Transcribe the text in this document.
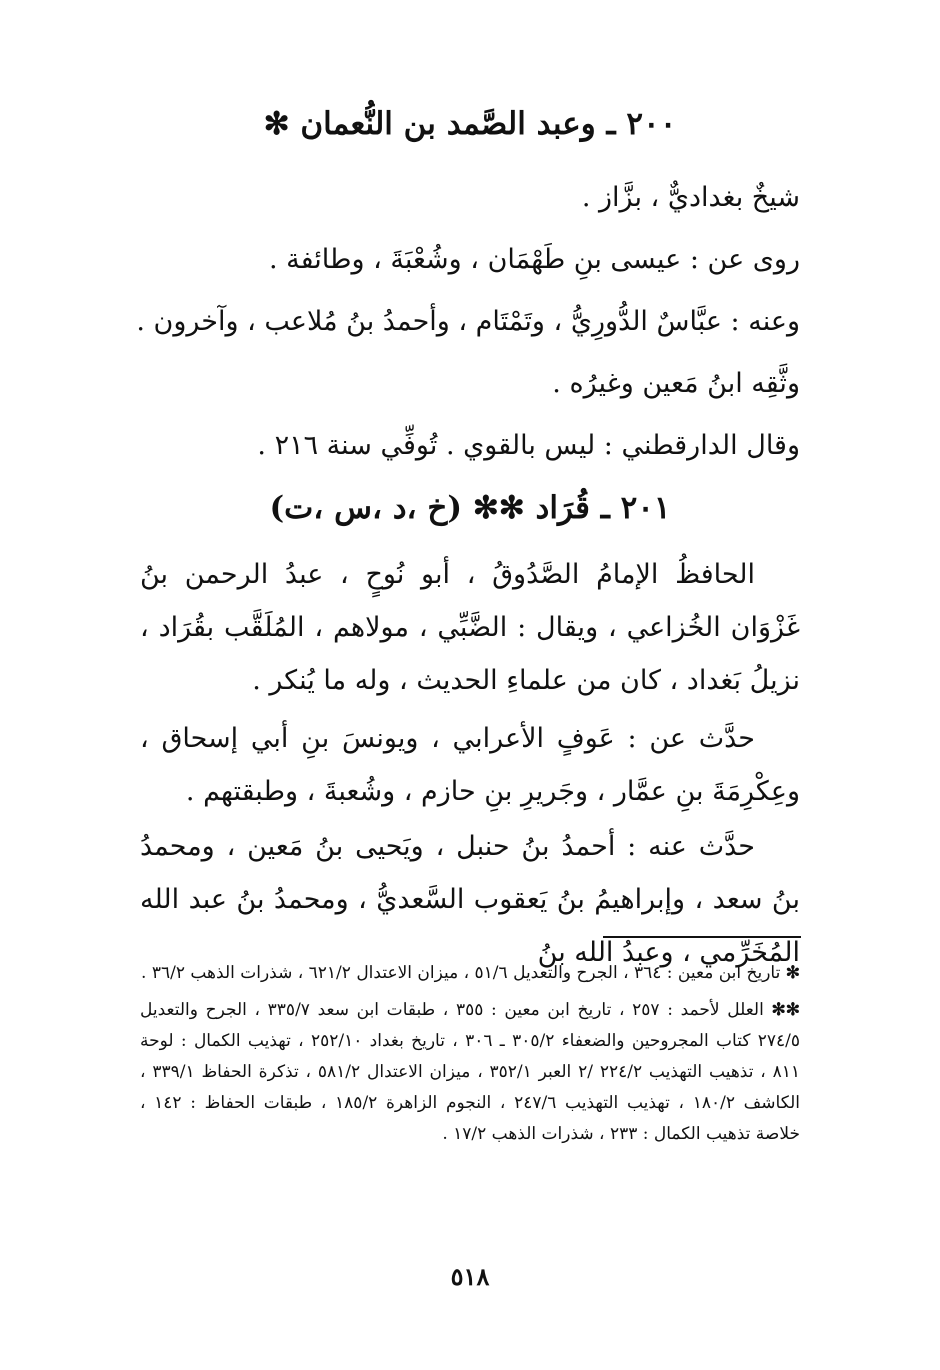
٢٠٠ ـ وعبد الصَّمد بن النُّعمان ✻
شيخٌ بغداديٌّ ، بزَّاز .
روى عن : عيسى بنِ طَهْمَان ، وشُعْبَةَ ، وطائفة .
وعنه : عبَّاسٌ الدُّورِيُّ ، وتَمْتَام ، وأحمدُ بنُ مُلاعب ، وآخرون .
وثَّقِه ابنُ مَعين وغيرُه .
وقال الدارقطني : ليس بالقوي . تُوفِّي سنة ٢١٦ .
٢٠١ ـ قُرَاد ✻✻ (خ ،د ،س ،ت)
الحافظُ الإمامُ الصَّدُوقُ ، أبو نُوحٍ ، عبدُ الرحمن بنُ غَزْوَان الخُزاعي ، ويقال : الضَّبِّي ، مولاهم ، المُلَقَّب بقُرَاد ، نزيلُ بَغداد ، كان من علماءِ الحديث ، وله ما يُنكر .
حدَّث عن : عَوفٍ الأعرابي ، ويونسَ بنِ أبي إسحاق ، وعِكْرِمَةَ بنِ عمَّار ، وجَريرِ بنِ حازم ، وشُعبةَ ، وطبقتهم .
حدَّث عنه : أحمدُ بنُ حنبل ، ويَحيى بنُ مَعين ، ومحمدُ بنُ سعد ، وإبراهيمُ بنُ يَعقوب السَّعديُّ ، ومحمدُ بنُ عبد الله المُخَرِّمي ، وعبدُ الله بنُ

✻ تاريخ ابن معين : ٣٦٤ ، الجرح والتعديل ٥١/٦ ، ميزان الاعتدال ٦٢١/٢ ، شذرات الذهب ٣٦/٢ .

✻✻ العلل لأحمد : ٢٥٧ ، تاريخ ابن معين : ٣٥٥ ، طبقات ابن سعد ٣٣٥/٧ ، الجرح والتعديل ٢٧٤/٥ كتاب المجروحين والضعفاء ٣٠٥/٢ ـ ٣٠٦ ، تاريخ بغداد ٢٥٢/١٠ ، تهذيب الكمال : لوحة ٨١١ ، تذهيب التهذيب ٢٢٤/٢ /٢ العبر ٣٥٢/١ ، ميزان الاعتدال ٥٨١/٢ ، تذكرة الحفاظ ٣٣٩/١ ، الكاشف ١٨٠/٢ ، تهذيب التهذيب ٢٤٧/٦ ، النجوم الزاهرة ١٨٥/٢ ، طبقات الحفاظ : ١٤٢ ، خلاصة تذهيب الكمال : ٢٣٣ ، شذرات الذهب ١٧/٢ .

٥١٨
